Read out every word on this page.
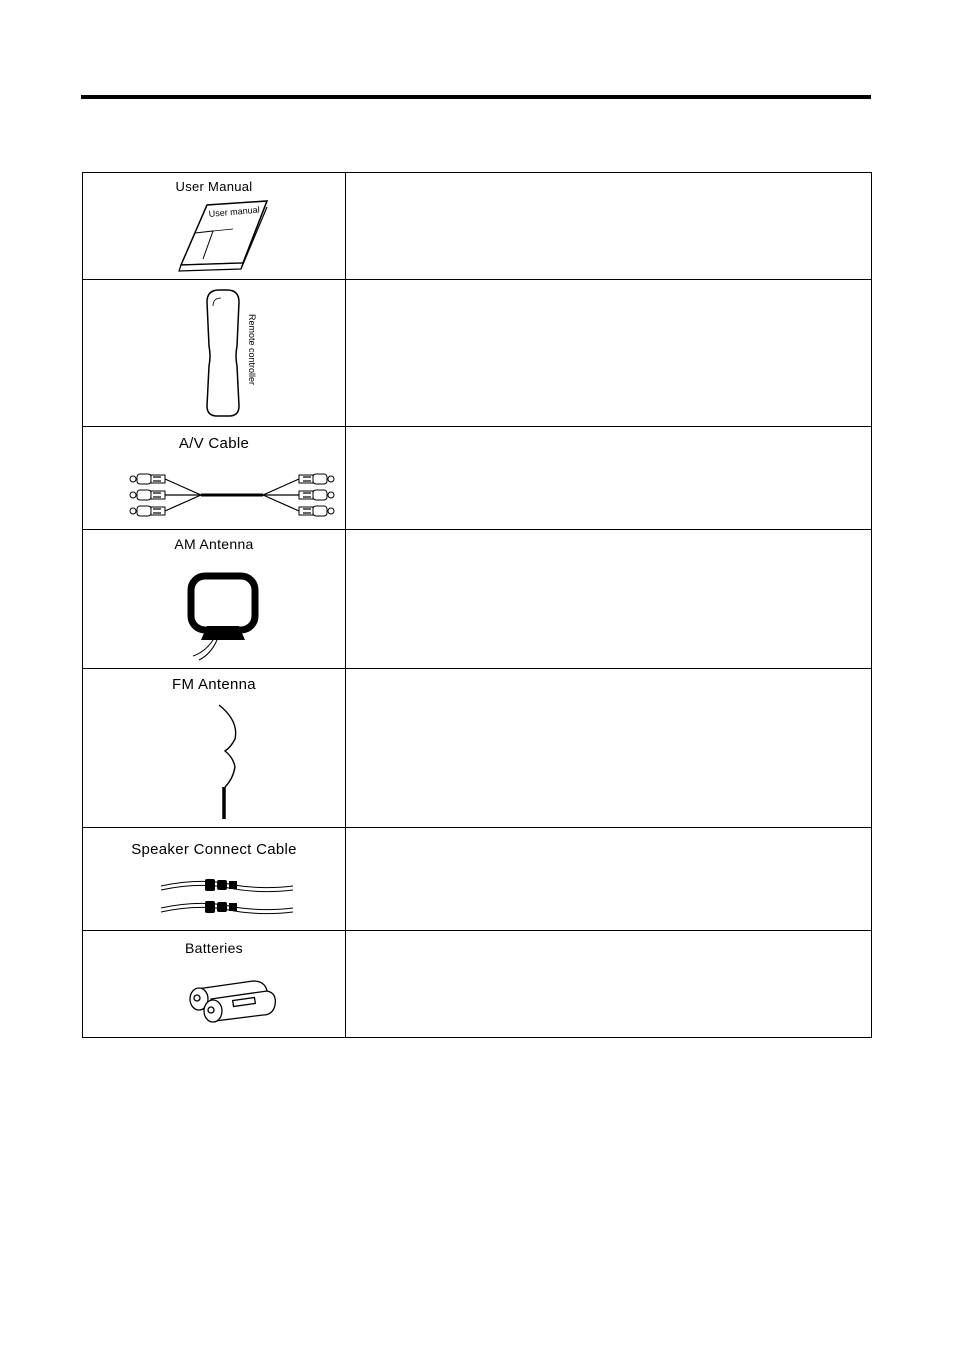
User Manual
User manual	

Remote controller	

A/V Cable	

AM Antenna	

FM Antenna	

Speaker Connect Cable	

Batteries	
